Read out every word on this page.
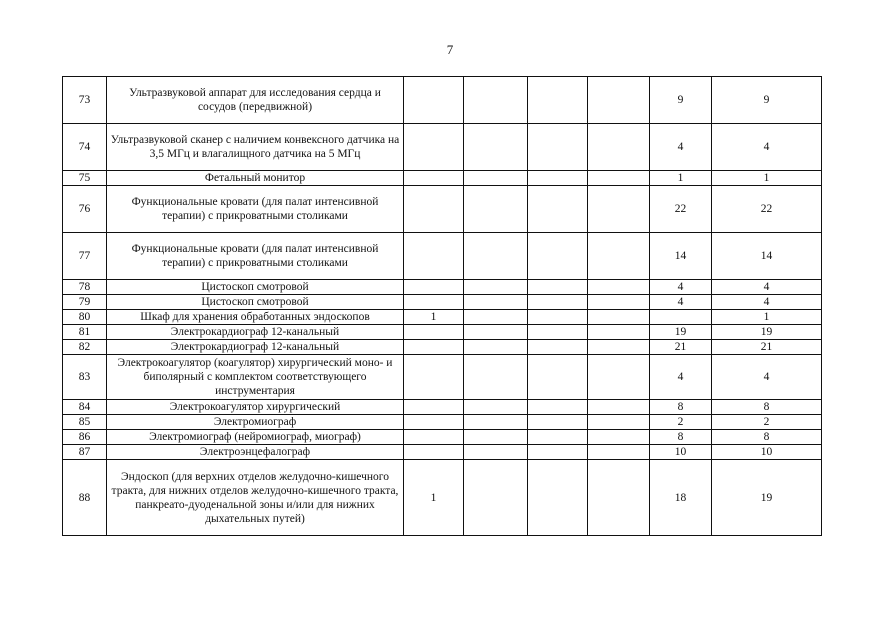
7
73	Ультразвуковой аппарат для исследования сердца и сосудов (передвижной)					9	9
74	Ультразвуковой сканер с наличием конвексного датчика на 3,5 МГц и влагалищного датчика на 5 МГц					4	4
75	Фетальный монитор					1	1
76	Функциональные кровати (для палат интенсивной терапии) с прикроватными столиками					22	22
77	Функциональные кровати (для палат интенсивной терапии) с прикроватными столиками					14	14
78	Цистоскоп смотровой					4	4
79	Цистоскоп смотровой					4	4
80	Шкаф для хранения обработанных эндоскопов	1					1
81	Электрокардиограф 12-канальный					19	19
82	Электрокардиограф 12-канальный					21	21
83	Электрокоагулятор (коагулятор) хирургический моно- и биполярный с комплектом соответствующего инструментария					4	4
84	Электрокоагулятор хирургический					8	8
85	Электромиограф					2	2
86	Электромиограф (нейромиограф, миограф)					8	8
87	Электроэнцефалограф					10	10
88	Эндоскоп (для верхних отделов желудочно-кишечного тракта, для нижних отделов желудочно-кишечного тракта, панкреато-дуоденальной зоны и/или для нижних дыхательных путей)	1				18	19
